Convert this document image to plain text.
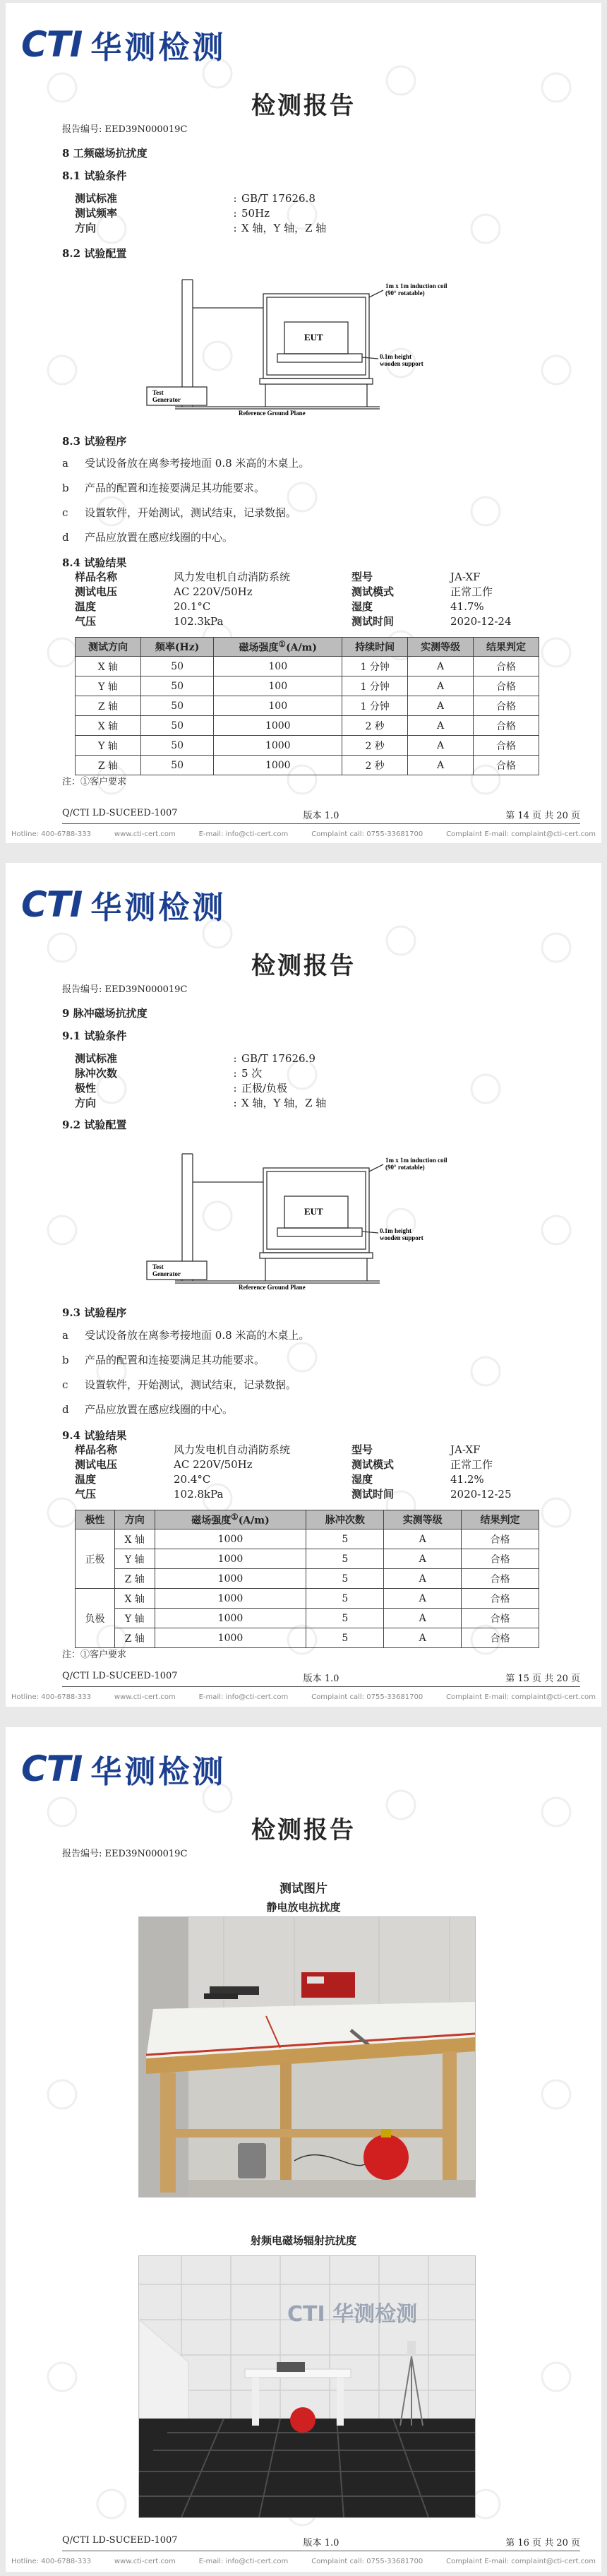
CTI 华测检测
检测报告
报告编号: EED39N000019C
8 工频磁场抗扰度
8.1 试验条件
测试标准	:	GB/T 17626.8
测试频率	:	50Hz
方向	:	X 轴，Y 轴，Z 轴
8.2 试验配置
1m x 1m induction coil
(90° rotatable)
EUT
0.1m height
wooden support
Test
Generator
Reference Ground Plane
8.3 试验程序
a 受试设备放在离参考接地面 0.8 米高的木桌上。
b 产品的配置和连接要满足其功能要求。
c 设置软件，开始测试，测试结束，记录数据。
d 产品应放置在感应线圈的中心。
8.4 试验结果
样品名称	风力发电机自动消防系统	型号	JA-XF
测试电压	AC 220V/50Hz	测试模式	正常工作
温度	20.1°C	湿度	41.7%
气压	102.3kPa	测试时间	2020-12-24
测试方向	频率(Hz)	磁场强度①(A/m)	持续时间	实测等级	结果判定
X 轴	50	100	1 分钟	A	合格
Y 轴	50	100	1 分钟	A	合格
Z 轴	50	100	1 分钟	A	合格
X 轴	50	1000	2 秒	A	合格
Y 轴	50	1000	2 秒	A	合格
Z 轴	50	1000	2 秒	A	合格
注：①客户要求
Q/CTI LD-SUCEED-1007	版本 1.0	第 14 页 共 20 页
Hotline: 400-6788-333	www.cti-cert.com	E-mail: info@cti-cert.com	Complaint call: 0755-33681700	Complaint E-mail: complaint@cti-cert.com
CTI 华测检测
检测报告
报告编号: EED39N000019C
9 脉冲磁场抗扰度
9.1 试验条件
测试标准	:	GB/T 17626.9
脉冲次数	:	5 次
极性	:	正极/负极
方向	:	X 轴，Y 轴，Z 轴
9.2 试验配置
1m x 1m induction coil
(90° rotatable)
EUT
0.1m height
wooden support
Test
Generator
Reference Ground Plane
9.3 试验程序
a 受试设备放在离参考接地面 0.8 米高的木桌上。
b 产品的配置和连接要满足其功能要求。
c 设置软件，开始测试，测试结束，记录数据。
d 产品应放置在感应线圈的中心。
9.4 试验结果
样品名称	风力发电机自动消防系统	型号	JA-XF
测试电压	AC 220V/50Hz	测试模式	正常工作
温度	20.4°C	湿度	41.2%
气压	102.8kPa	测试时间	2020-12-25
极性	方向	磁场强度①(A/m)	脉冲次数	实测等级	结果判定
正极	X 轴	1000	5	A	合格
	Y 轴	1000	5	A	合格
	Z 轴	1000	5	A	合格
负极	X 轴	1000	5	A	合格
	Y 轴	1000	5	A	合格
	Z 轴	1000	5	A	合格
注：①客户要求
Q/CTI LD-SUCEED-1007	版本 1.0	第 15 页 共 20 页
Hotline: 400-6788-333	www.cti-cert.com	E-mail: info@cti-cert.com	Complaint call: 0755-33681700	Complaint E-mail: complaint@cti-cert.com
CTI 华测检测
检测报告
报告编号: EED39N000019C
测试图片
静电放电抗扰度
射频电磁场辐射抗扰度
CTI 华测检测
Q/CTI LD-SUCEED-1007	版本 1.0	第 16 页 共 20 页
Hotline: 400-6788-333	www.cti-cert.com	E-mail: info@cti-cert.com	Complaint call: 0755-33681700	Complaint E-mail: complaint@cti-cert.com
